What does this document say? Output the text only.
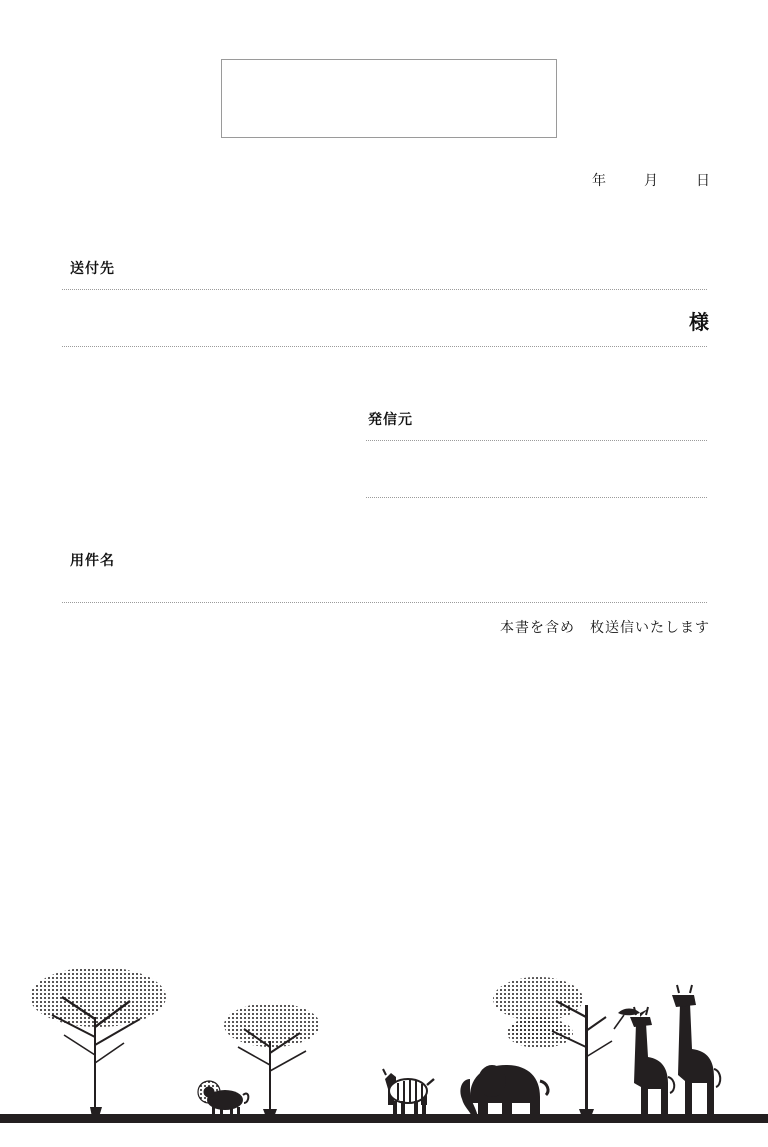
年	月	日
送付先
様
発信元
用件名
本書を含め　枚送信いたします
